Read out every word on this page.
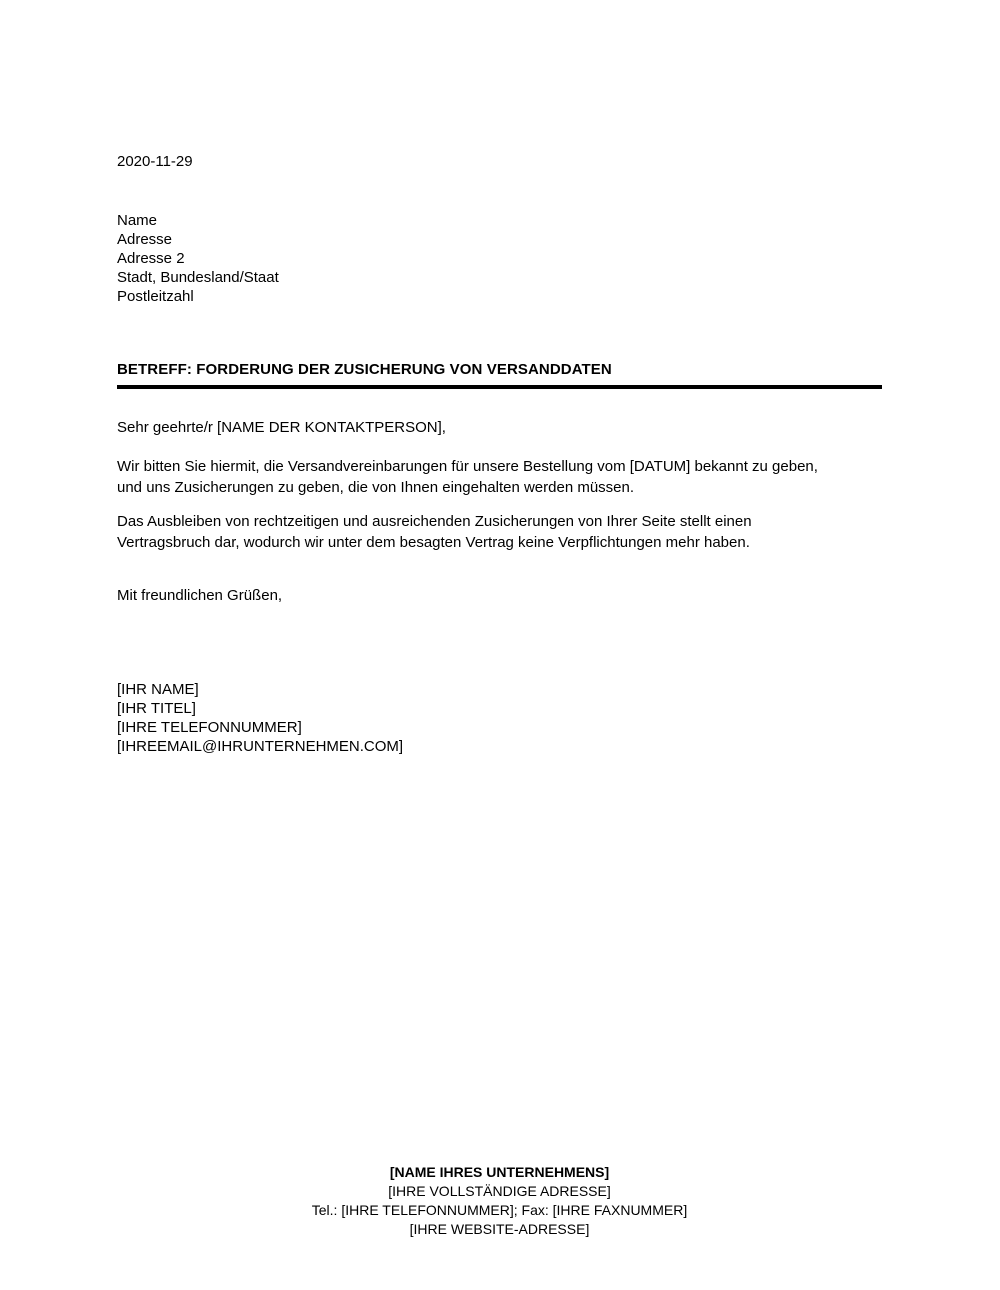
2020-11-29
Name
Adresse
Adresse 2
Stadt, Bundesland/Staat
Postleitzahl
BETREFF: FORDERUNG DER ZUSICHERUNG VON VERSANDDATEN
Sehr geehrte/r [NAME DER KONTAKTPERSON],
Wir bitten Sie hiermit, die Versandvereinbarungen für unsere Bestellung vom [DATUM] bekannt zu geben, und uns Zusicherungen zu geben, die von Ihnen eingehalten werden müssen.
Das Ausbleiben von rechtzeitigen und ausreichenden Zusicherungen von Ihrer Seite stellt einen Vertragsbruch dar, wodurch wir unter dem besagten Vertrag keine Verpflichtungen mehr haben.
Mit freundlichen Grüßen,
[IHR NAME]
[IHR TITEL]
[IHRE TELEFONNUMMER]
[IHREEMAIL@IHRUNTERNEHMEN.COM]
[NAME IHRES UNTERNEHMENS]
[IHRE VOLLSTÄNDIGE ADRESSE]
Tel.: [IHRE TELEFONNUMMER]; Fax: [IHRE FAXNUMMER]
[IHRE WEBSITE-ADRESSE]
